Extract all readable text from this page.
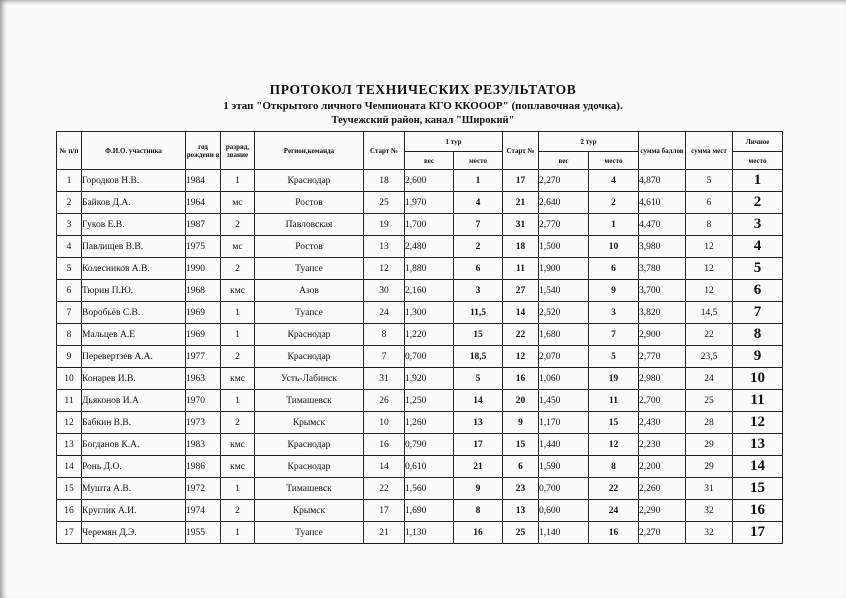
ПРОТОКОЛ ТЕХНИЧЕСКИХ РЕЗУЛЬТАТОВ
1 этап "Открытого личного Чемпионата КГО ККОООР" (поплавочная удочка).
Теучежский район, канал "Широкий"
№ п/п	Ф.И.О. участника	год рождени я	разряд, звание	Регион,команда	Старт №	1 тур		Старт №	2 тур		сумма баллов	сумма мест	Личное
						вес	место		вес	место			место
1	Городков Н.В.	1984	1	Краснодар	18	2,600	1	17	2,270	4	4,870	5	1
2	Байков Д.А.	1964	мс	Ростов	25	1,970	4	21	2,640	2	4,610	6	2
3	Гуков Е.В.	1987	2	Павловская	19	1,700	7	31	2,770	1	4,470	8	3
4	Павлищев В.В.	1975	мс	Ростов	13	2,480	2	18	1,500	10	3,980	12	4
5	Колесников А.В.	1990	2	Туапсе	12	1,880	6	11	1,900	6	3,780	12	5
6	Тюрин П.Ю.	1968	кмс	Азов	30	2,160	3	27	1,540	9	3,700	12	6
7	Воробьёв С.В.	1969	1	Туапсе	24	1,300	11,5	14	2,520	3	3,820	14,5	7
8	Мальцев А.Е	1969	1	Краснодар	8	1,220	15	22	1,680	7	2,900	22	8
9	Перевертзев А.А.	1977	2	Краснодар	7	0,700	18,5	12	2,070	5	2,770	23,5	9
10	Конарев И.В.	1963	кмс	Усть-Лабинск	31	1,920	5	16	1,060	19	2,980	24	10
11	Дьяконов И.А	1970	1	Тимашевск	26	1,250	14	20	1,450	11	2,700	25	11
12	Бабкин В.В.	1973	2	Крымск	10	1,260	13	9	1,170	15	2,430	28	12
13	Богданов К.А.	1983	кмс	Краснодар	16	0,790	17	15	1,440	12	2,230	29	13
14	Ронь Д.О.	1986	кмс	Краснодар	14	0,610	21	6	1,590	8	2,200	29	14
15	Мушта А.В.	1972	1	Тимашевск	22	1,560	9	23	0,700	22	2,260	31	15
16	Круглик А.И.	1974	2	Крымск	17	1,690	8	13	0,600	24	2,290	32	16
17	Черемян Д.Э.	1955	1	Туапсе	21	1,130	16	25	1,140	16	2,270	32	17
